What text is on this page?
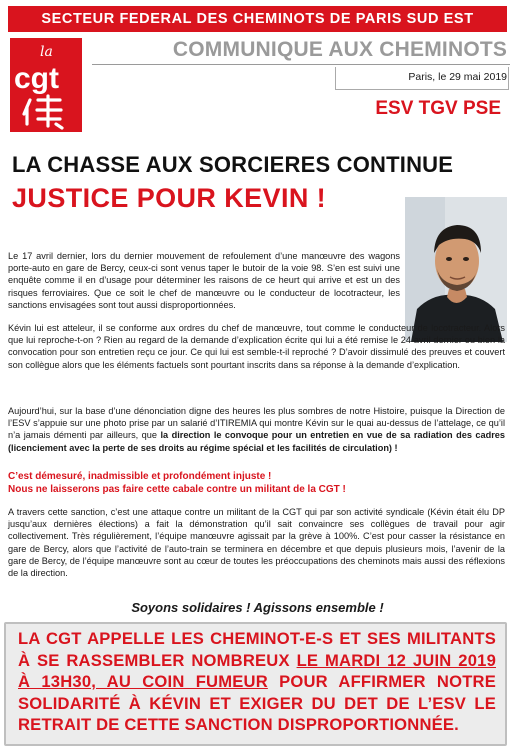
SECTEUR FEDERAL DES CHEMINOTS DE PARIS SUD EST
la
cgt
COMMUNIQUE AUX CHEMINOTS
Paris, le 29 mai 2019
ESV TGV PSE
LA CHASSE AUX SORCIERES CONTINUE
JUSTICE POUR KEVIN !
Le 17 avril dernier, lors du dernier mouvement de refoulement d’une manœuvre des wagons porte-auto en gare de Bercy, ceux-ci sont venus taper le butoir de la voie 98. S’en est suivi une enquête comme il en d’usage pour déterminer les raisons de ce heurt qui arrive et est un des risques ferroviaires. Que ce soit le chef de manœuvre ou le conducteur de locotracteur, les sanctions envisagées sont tout aussi disproportionnées.
Kévin lui est atteleur, il se conforme aux ordres du chef de manœuvre, tout comme le conducteur de locotracteur. Alors que lui reproche-t-on ? Rien au regard de la demande d’explication écrite qui lui a été remise le 24 avril dernier ou bien la convocation pour son entretien reçu ce jour. Ce qui lui est semble-t-il reproché ? D’avoir dissimulé des preuves et couvert son collègue alors que les éléments factuels sont pourtant inscrits dans sa réponse à la demande d’explication.
Aujourd’hui, sur la base d’une dénonciation digne des heures les plus sombres de notre Histoire, puisque la Direction de l’ESV s’appuie sur une photo prise par un salarié d’ITIREMIA qui montre Kévin sur le quai au-dessus de l’attelage, ce qu’il n’a jamais démenti par ailleurs, que la direction le convoque pour un entretien en vue de sa radiation des cadres (licenciement avec la perte de ses droits au régime spécial et les facilités de circulation) !
C’est démesuré, inadmissible et profondément injuste !
Nous ne laisserons pas faire cette cabale contre un militant de la CGT !
A travers cette sanction, c’est une attaque contre un militant de la CGT qui par son activité syndicale (Kévin était élu DP jusqu’aux dernières élections) a fait la démonstration qu’il sait convaincre ses collègues de travail pour agir collectivement. Très régulièrement, l’équipe manœuvre agissait par la grève à 100%. C’est pour casser la résistance en gare de Bercy, alors que l’activité de l’auto-train se terminera en décembre et que depuis plusieurs mois, l’avenir de la gare de Bercy, de l’équipe manœuvre sont au cœur de toutes les préoccupations des cheminots mais aussi des réflexions de la direction.
Soyons solidaires ! Agissons ensemble !
LA CGT APPELLE LES CHEMINOT-E-S ET SES MILITANTS À SE RASSEMBLER NOMBREUX LE MARDI 12 JUIN 2019 À 13H30, AU COIN FUMEUR POUR AFFIRMER NOTRE SOLIDARITÉ À KÉVIN ET EXIGER DU DET DE L’ESV LE RETRAIT DE CETTE SANCTION DISPROPORTIONNÉE.
